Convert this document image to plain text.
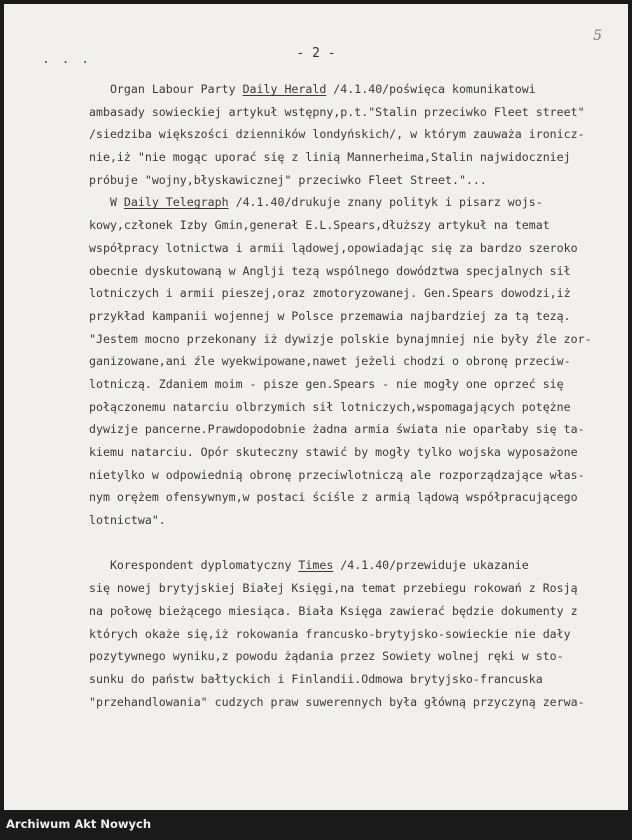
. . .
5
- 2 -
Organ Labour Party Daily Herald /4.1.40/poświęca komunikatowi
ambasady sowieckiej artykuł wstępny,p.t."Stalin przeciwko Fleet street"
/siedziba większości dzienników londyńskich/, w którym zauważa ironicz-
nie,iż "nie mogąc uporać się z linią Mannerheima,Stalin najwidoczniej
próbuje "wojny,błyskawicznej" przeciwko Fleet Street."...
W Daily Telegraph /4.1.40/drukuje znany polityk i pisarz wojs-
kowy,członek Izby Gmin,generał E.L.Spears,dłuższy artykuł na temat
współpracy lotnictwa i armii lądowej,opowiadając się za bardzo szeroko
obecnie dyskutowaną w Anglji tezą wspólnego dowództwa specjalnych sił
lotniczych i armii pieszej,oraz zmotoryzowanej. Gen.Spears dowodzi,iż
przykład kampanii wojennej w Polsce przemawia najbardziej za tą tezą.
"Jestem mocno przekonany iż dywizje polskie bynajmniej nie były źle zor-
ganizowane,ani źle wyekwipowane,nawet jeżeli chodzi o obronę przeciw-
lotniczą. Zdaniem moim - pisze gen.Spears - nie mogły one oprzeć się
połączonemu natarciu olbrzymich sił lotniczych,wspomagających potężne
dywizje pancerne.Prawdopodobnie żadna armia świata nie oparłaby się ta-
kiemu natarciu. Opór skuteczny stawić by mogły tylko wojska wyposażone
nietylko w odpowiednią obronę przeciwlotniczą ale rozporządzające włas-
nym orężem ofensywnym,w postaci ściśle z armią lądową współpracującego
lotnictwa".
Korespondent dyplomatyczny Times /4.1.40/przewiduje ukazanie
się nowej brytyjskiej Białej Księgi,na temat przebiegu rokowań z Rosją
na połowę bieżącego miesiąca. Biała Księga zawierać będzie dokumenty z
których okaże się,iż rokowania francusko-brytyjsko-sowieckie nie dały
pozytywnego wyniku,z powodu żądania przez Sowiety wolnej ręki w sto-
sunku do państw bałtyckich i Finlandii.Odmowa brytyjsko-francuska
"przehandlowania" cudzych praw suwerennych była główną przyczyną zerwa-
Archiwum Akt Nowych
